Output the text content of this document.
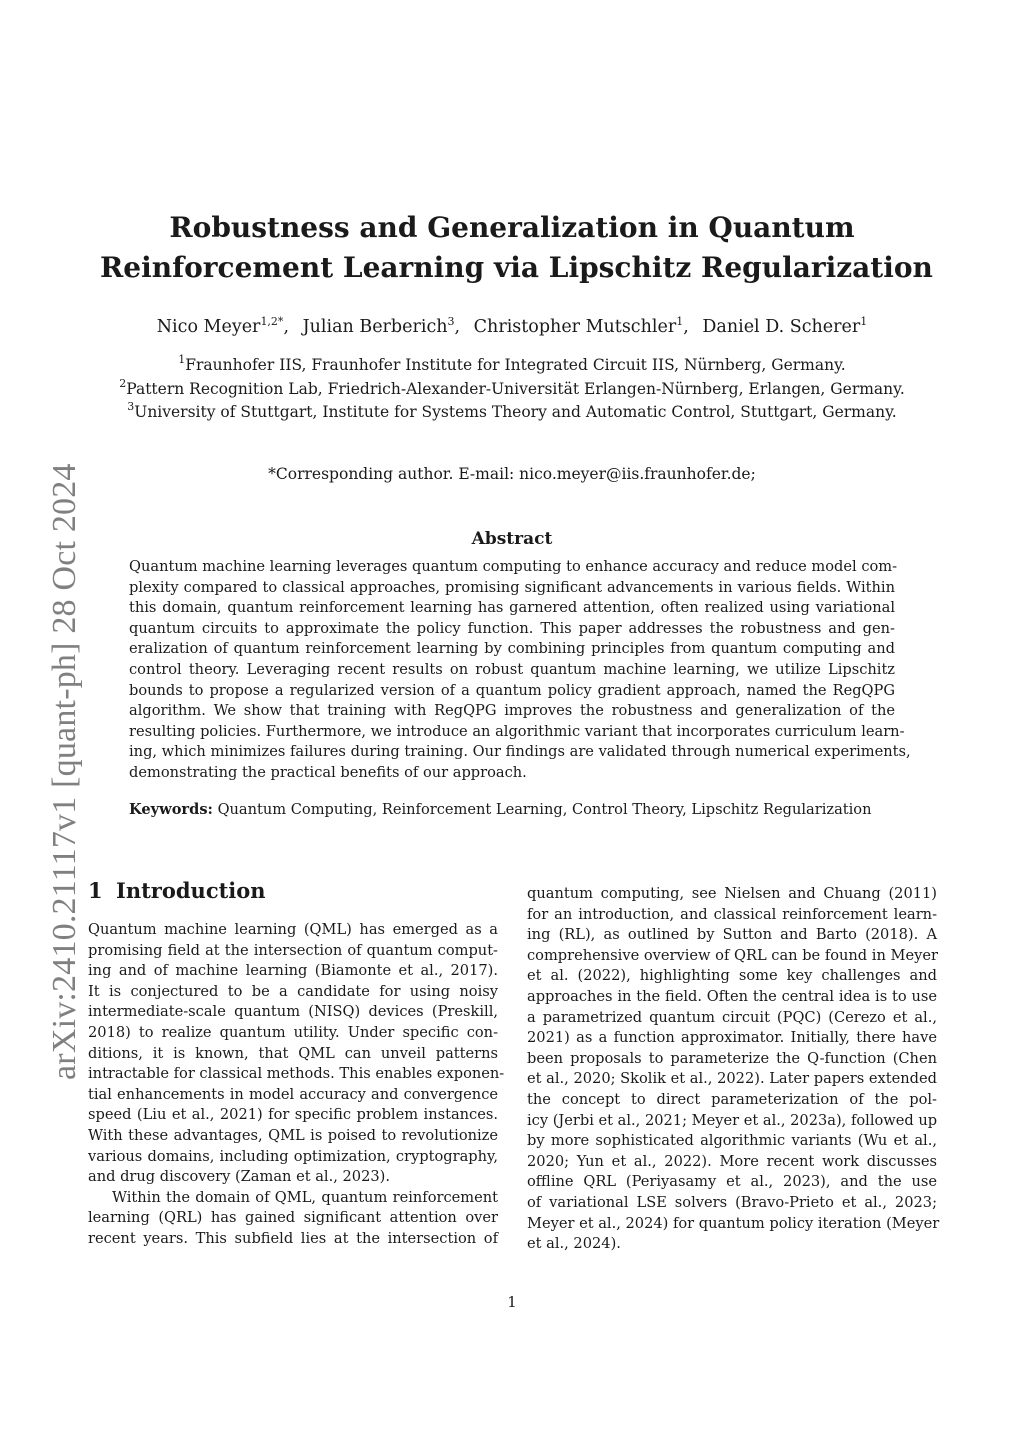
arXiv:2410.21117v1 [quant-ph] 28 Oct 2024
Robustness and Generalization in Quantum
Reinforcement Learning via Lipschitz Regularization
Nico Meyer$^{1,2*}$, Julian Berberich$^3$, Christopher Mutschler$^1$, Daniel D. Scherer$^1$
$^1$Fraunhofer IIS, Fraunhofer Institute for Integrated Circuit IIS, Nürnberg, Germany.
$^2$Pattern Recognition Lab, Friedrich-Alexander-Universität Erlangen-Nürnberg, Erlangen, Germany.
$^3$University of Stuttgart, Institute for Systems Theory and Automatic Control, Stuttgart, Germany.
*Corresponding author. E-mail: nico.meyer@iis.fraunhofer.de;
Abstract
Quantum machine learning leverages quantum computing to enhance accuracy and reduce model com-
plexity compared to classical approaches, promising significant advancements in various fields. Within
this domain, quantum reinforcement learning has garnered attention, often realized using variational
quantum circuits to approximate the policy function. This paper addresses the robustness and gen-
eralization of quantum reinforcement learning by combining principles from quantum computing and
control theory. Leveraging recent results on robust quantum machine learning, we utilize Lipschitz
bounds to propose a regularized version of a quantum policy gradient approach, named the RegQPG
algorithm. We show that training with RegQPG improves the robustness and generalization of the
resulting policies. Furthermore, we introduce an algorithmic variant that incorporates curriculum learn-
ing, which minimizes failures during training. Our findings are validated through numerical experiments,
demonstrating the practical benefits of our approach.
Keywords: Quantum Computing, Reinforcement Learning, Control Theory, Lipschitz Regularization
1 Introduction
Quantum machine learning (QML) has emerged as a
promising field at the intersection of quantum comput-
ing and of machine learning (Biamonte et al., 2017).
It is conjectured to be a candidate for using noisy
intermediate-scale quantum (NISQ) devices (Preskill,
2018) to realize quantum utility. Under specific con-
ditions, it is known, that QML can unveil patterns
intractable for classical methods. This enables exponen-
tial enhancements in model accuracy and convergence
speed (Liu et al., 2021) for specific problem instances.
With these advantages, QML is poised to revolutionize
various domains, including optimization, cryptography,
and drug discovery (Zaman et al., 2023).
Within the domain of QML, quantum reinforcement
learning (QRL) has gained significant attention over
recent years. This subfield lies at the intersection of
quantum computing, see Nielsen and Chuang (2011)
for an introduction, and classical reinforcement learn-
ing (RL), as outlined by Sutton and Barto (2018). A
comprehensive overview of QRL can be found in Meyer
et al. (2022), highlighting some key challenges and
approaches in the field. Often the central idea is to use
a parametrized quantum circuit (PQC) (Cerezo et al.,
2021) as a function approximator. Initially, there have
been proposals to parameterize the Q-function (Chen
et al., 2020; Skolik et al., 2022). Later papers extended
the concept to direct parameterization of the pol-
icy (Jerbi et al., 2021; Meyer et al., 2023a), followed up
by more sophisticated algorithmic variants (Wu et al.,
2020; Yun et al., 2022). More recent work discusses
offline QRL (Periyasamy et al., 2023), and the use
of variational LSE solvers (Bravo-Prieto et al., 2023;
Meyer et al., 2024) for quantum policy iteration (Meyer
et al., 2024).
1
